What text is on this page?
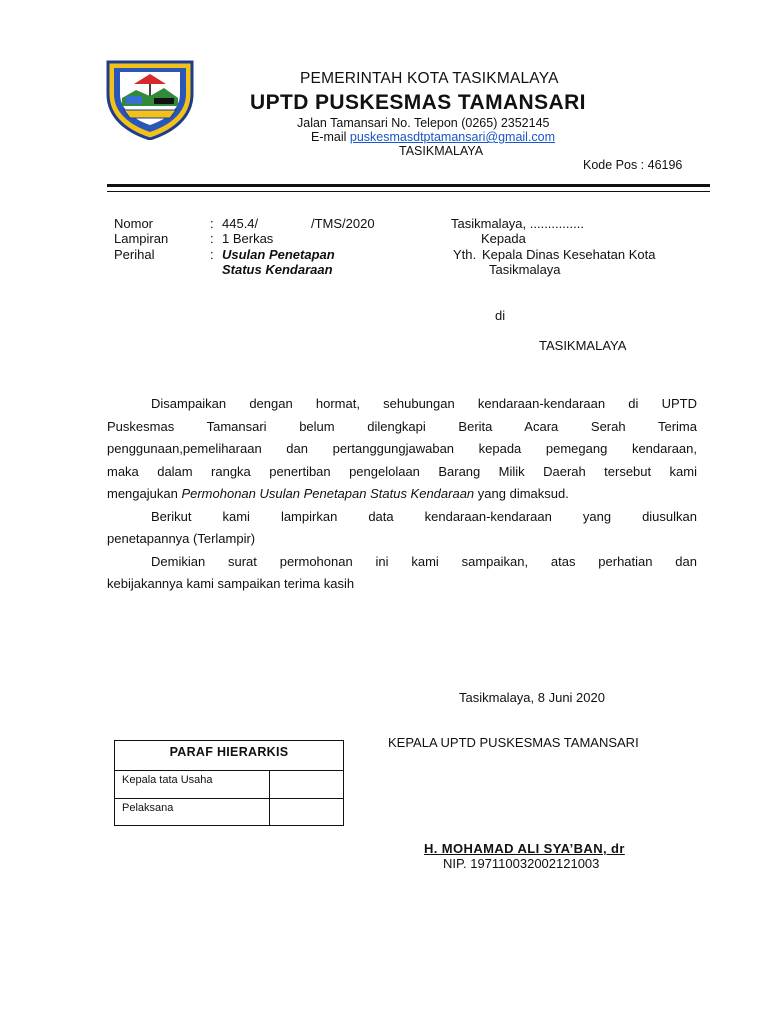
PEMERINTAH KOTA TASIKMALAYA
UPTD PUSKESMAS TAMANSARI
Jalan Tamansari No. Telepon (0265) 2352145
E-mail puskesmasdtptamansari@gmail.com
TASIKMALAYA
Kode Pos : 46196
Nomor	: 445.4/	/TMS/2020
Lampiran	: 1 Berkas
Perihal	: Usulan Penetapan
Status Kendaraan
Tasikmalaya, ...............
Kepada
Yth. Kepala Dinas Kesehatan Kota
Tasikmalaya
di
TASIKMALAYA
Disampaikan dengan hormat, sehubungan kendaraan-kendaraan di UPTD
Puskesmas Tamansari belum dilengkapi Berita Acara Serah Terima
penggunaan,pemeliharaan dan pertanggungjawaban kepada pemegang kendaraan,
maka dalam rangka penertiban pengelolaan Barang Milik Daerah tersebut kami
mengajukan Permohonan Usulan Penetapan Status Kendaraan yang dimaksud.
Berikut kami lampirkan data kendaraan-kendaraan yang diusulkan
penetapannya (Terlampir)
Demikian surat permohonan ini kami sampaikan, atas perhatian dan
kebijakannya kami sampaikan terima kasih
Tasikmalaya, 8 Juni 2020
KEPALA UPTD PUSKESMAS TAMANSARI
H. MOHAMAD ALI SYA’BAN, dr
NIP. 197110032002121003
PARAF HIERARKIS
Kepala tata Usaha
Pelaksana
